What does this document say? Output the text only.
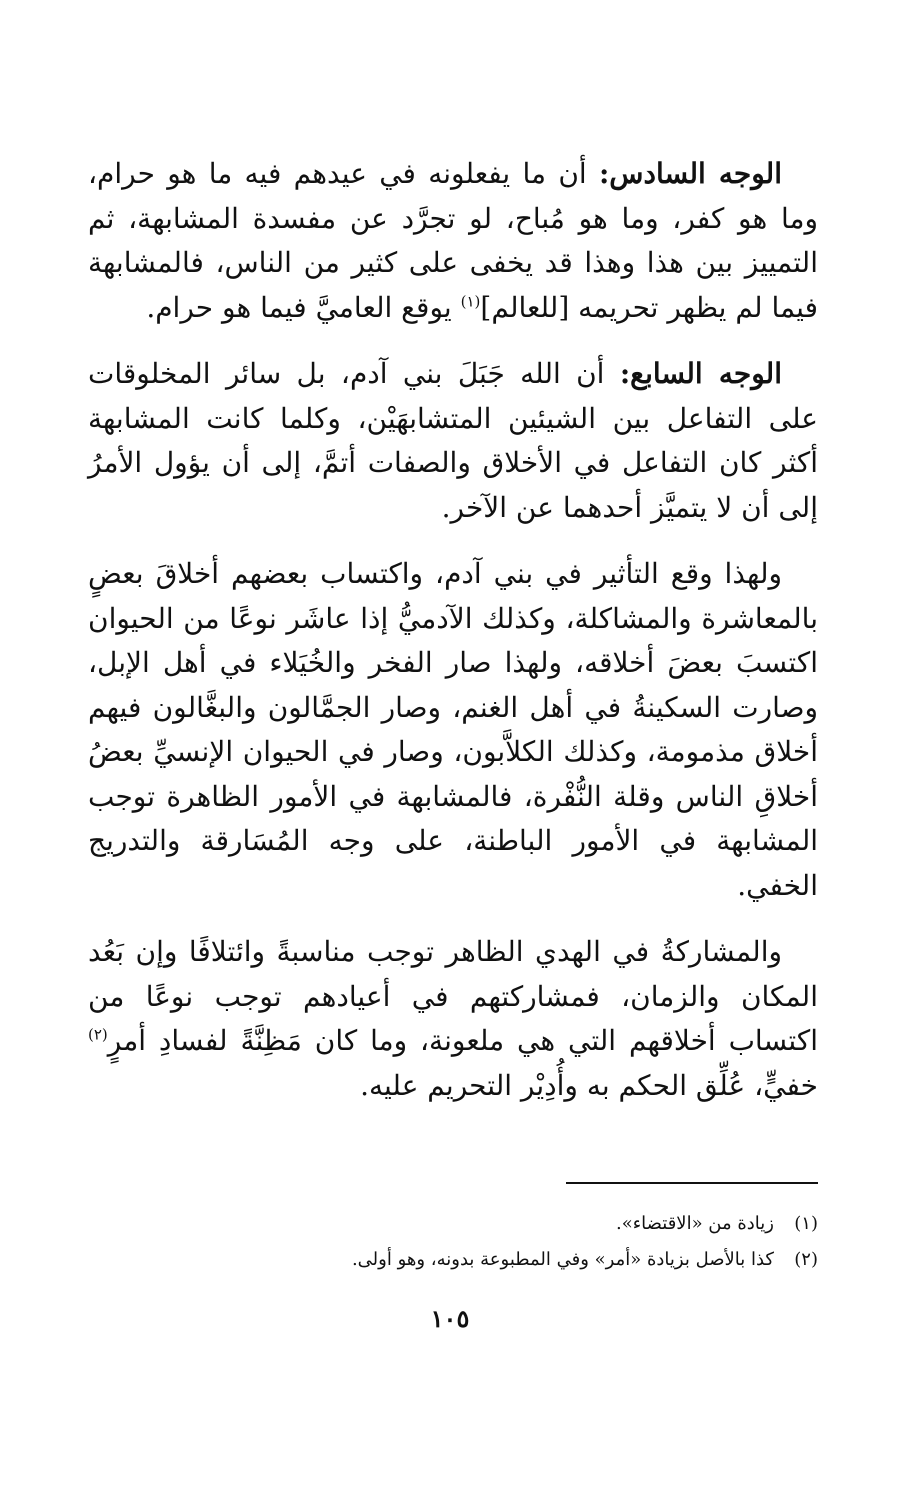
الوجه السادس: أن ما يفعلونه في عيدهم فيه ما هو حرام، وما هو كفر، وما هو مُباح، لو تجرَّد عن مفسدة المشابهة، ثم التمييز بين هذا وهذا قد يخفى على كثير من الناس، فالمشابهة فيما لم يظهر تحريمه [للعالم]$^{(١)}$ يوقع العاميَّ فيما هو حرام.

الوجه السابع: أن الله جَبَلَ بني آدم، بل سائر المخلوقات على التفاعل بين الشيئين المتشابهَيْن، وكلما كانت المشابهة أكثر كان التفاعل في الأخلاق والصفات أتمَّ، إلى أن يؤول الأمرُ إلى أن لا يتميَّز أحدهما عن الآخر.

ولهذا وقع التأثير في بني آدم، واكتساب بعضهم أخلاقَ بعضٍ بالمعاشرة والمشاكلة، وكذلك الآدميُّ إذا عاشَر نوعًا من الحيوان اكتسبَ بعضَ أخلاقه، ولهذا صار الفخر والخُيَلاء في أهل الإبل، وصارت السكينةُ في أهل الغنم، وصار الجمَّالون والبغَّالون فيهم أخلاق مذمومة، وكذلك الكلاَّبون، وصار في الحيوان الإنسيِّ بعضُ أخلاقِ الناس وقلة النُّفْرة، فالمشابهة في الأمور الظاهرة توجب المشابهة في الأمور الباطنة، على وجه المُسَارقة والتدريج الخفي.

والمشاركةُ في الهدي الظاهر توجب مناسبةً وائتلافًا وإن بَعُد المكان والزمان، فمشاركتهم في أعيادهم توجب نوعًا من اكتساب أخلاقهم التي هي ملعونة، وما كان مَظِنَّةً لفسادِ أمرٍ$^{(٢)}$ خفيٍّ، عُلِّق الحكم به وأُدِيْر التحريم عليه.

(١)زيادة من «الاقتضاء».
(٢)كذا بالأصل بزيادة «أمر» وفي المطبوعة بدونه، وهو أولى.
١٠٥
